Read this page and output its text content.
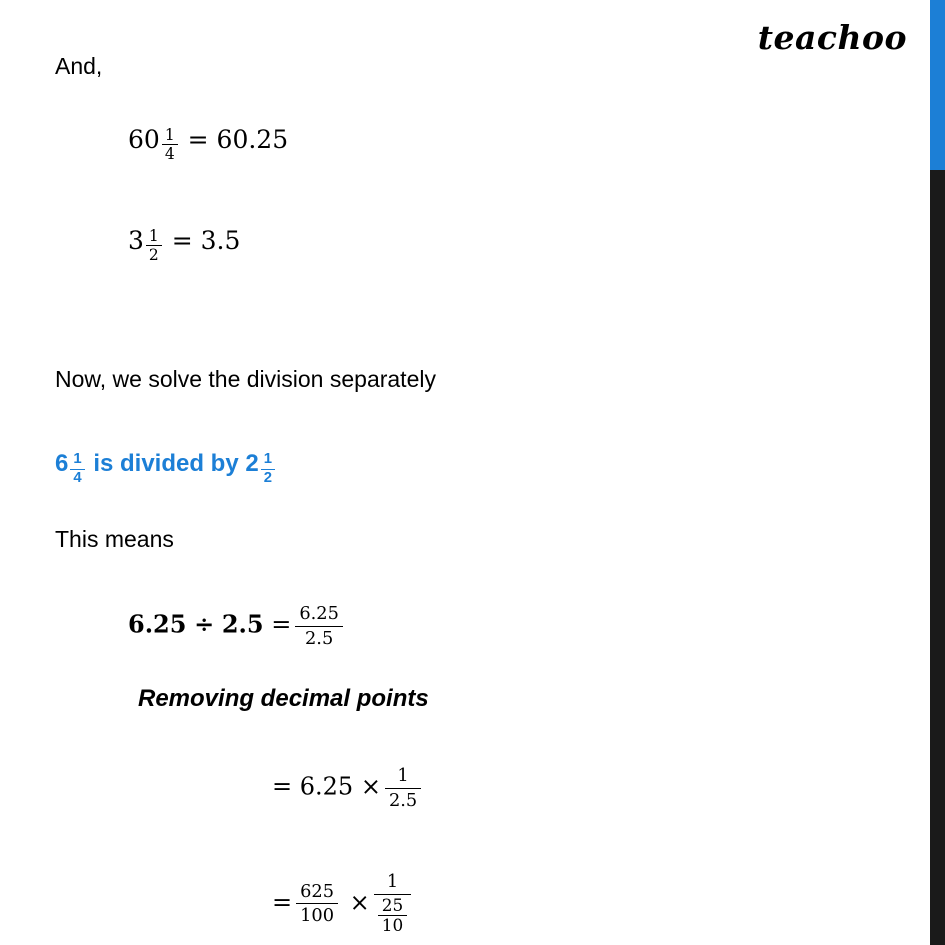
teachoo
And,
$60 \frac{1}{4} = 60.25$
$3 \frac{1}{2} = 3.5$
Now, we solve the division separately
$6 \frac{1}{4}$ is divided by $2 \frac{1}{2}$
This means
$6.25 \div 2.5 = \frac{6.25}{2.5}$
Removing decimal points
= $6.25 \times \frac{1}{2.5}$
= $\frac{625}{100} \times \frac{1}{\frac{25}{10}}$
